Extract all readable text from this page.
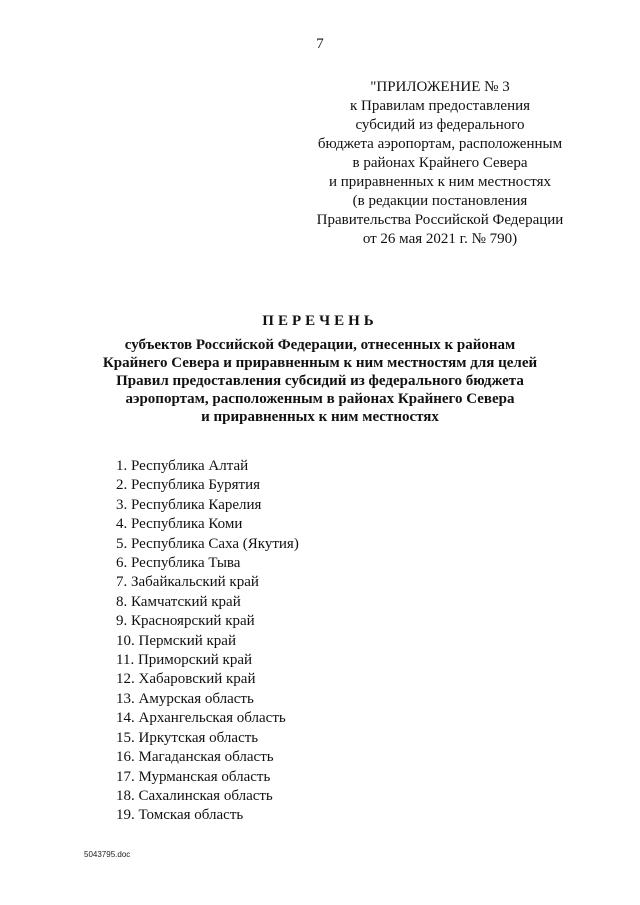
7
"ПРИЛОЖЕНИЕ № 3
к Правилам предоставления
субсидий из федерального
бюджета аэропортам, расположенным
в районах Крайнего Севера
и приравненных к ним местностях
(в редакции постановления
Правительства Российской Федерации
от 26 мая 2021 г. № 790)
ПЕРЕЧЕНЬ
субъектов Российской Федерации, отнесенных к районам
Крайнего Севера и приравненным к ним местностям для целей
Правил предоставления субсидий из федерального бюджета
аэропортам, расположенным в районах Крайнего Севера
и приравненных к ним местностях
1. Республика Алтай
2. Республика Бурятия
3. Республика Карелия
4. Республика Коми
5. Республика Саха (Якутия)
6. Республика Тыва
7. Забайкальский край
8. Камчатский край
9. Красноярский край
10. Пермский край
11. Приморский край
12. Хабаровский край
13. Амурская область
14. Архангельская область
15. Иркутская область
16. Магаданская область
17. Мурманская область
18. Сахалинская область
19. Томская область
5043795.doc
